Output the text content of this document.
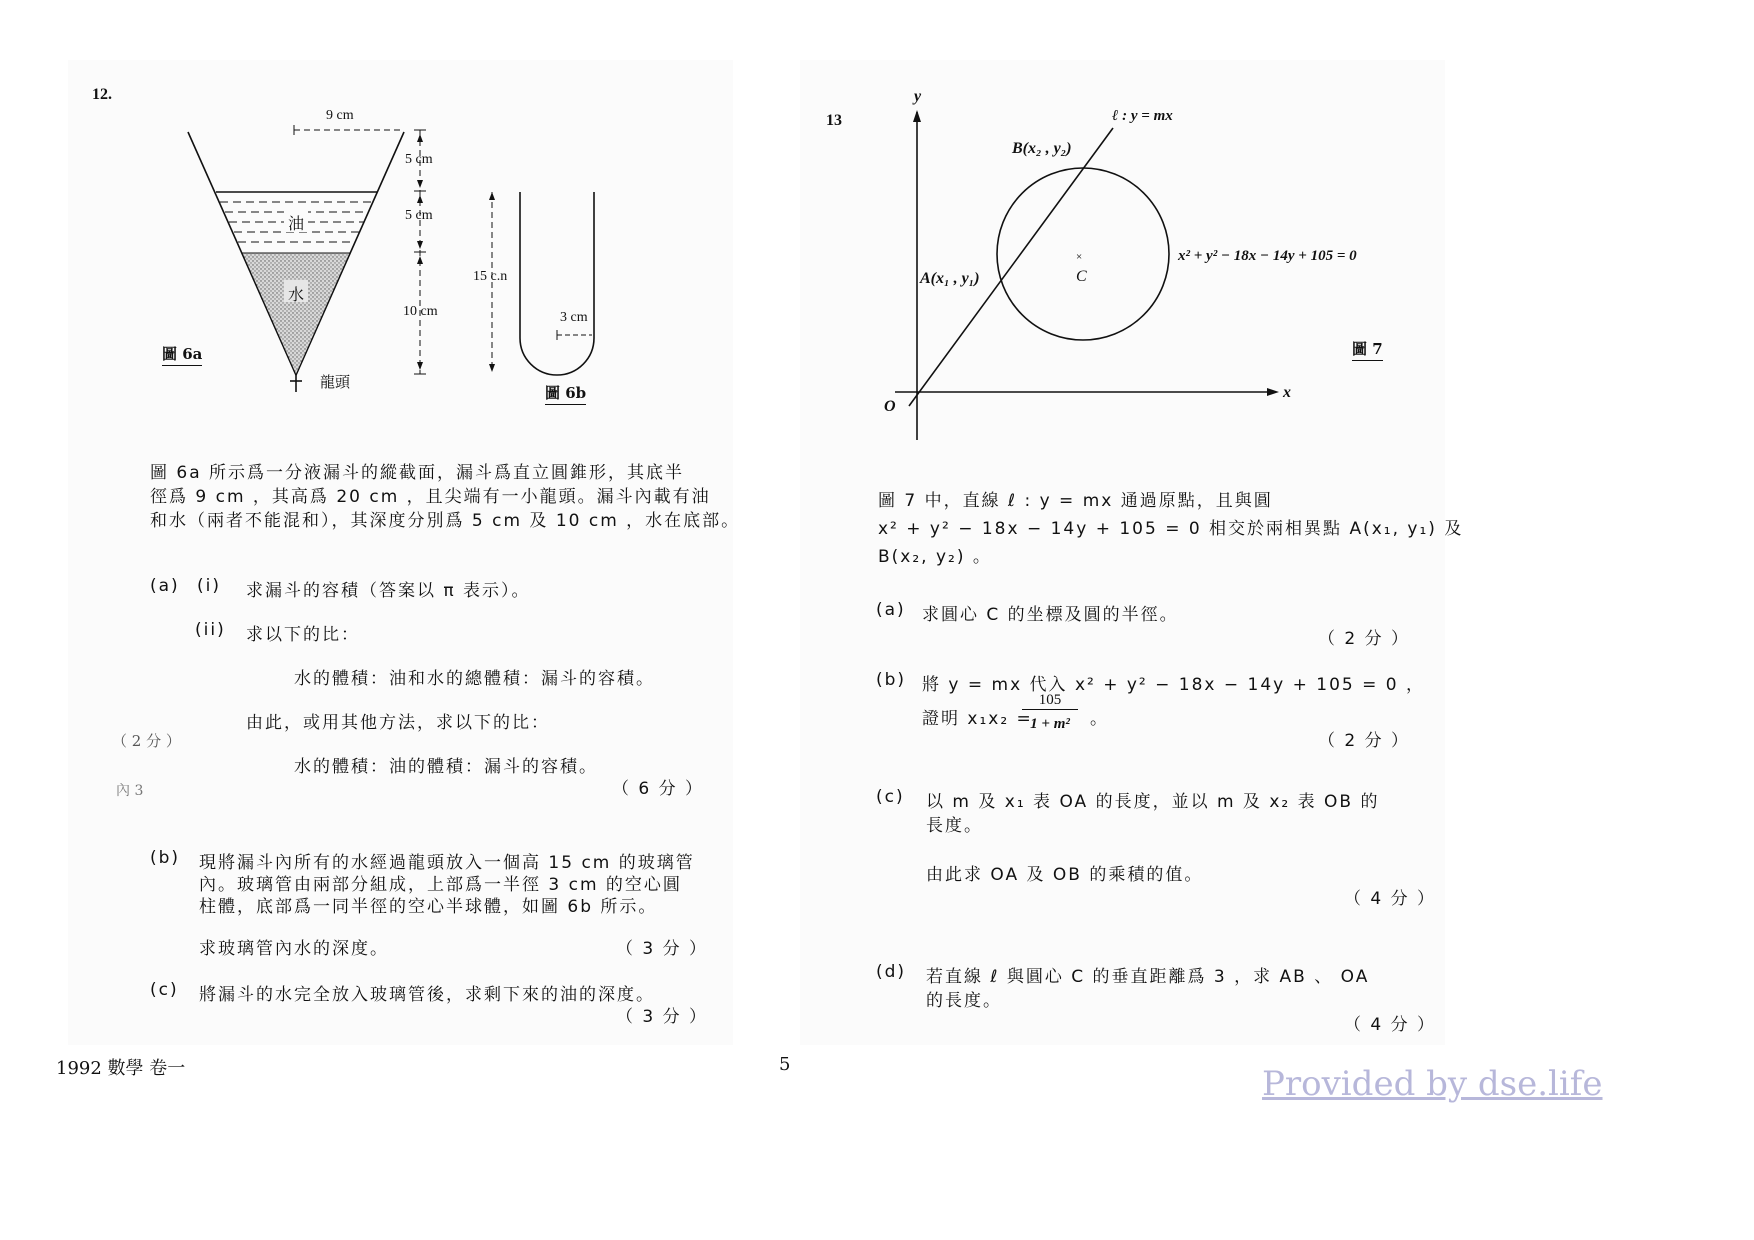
12.
9 cm
5 cm
5 cm
10 cm
油
水
龍頭
圖 6a
15 c.n
3 cm
圖 6b
圖 6a 所示爲一分液漏斗的縱截面，漏斗爲直立圓錐形，其底半
徑爲 9 cm ，其高爲 20 cm ，且尖端有一小龍頭。漏斗內載有油
和水（兩者不能混和），其深度分別爲 5 cm 及 10 cm ，水在底部。
(a) (i) 求漏斗的容積（答案以 π 表示）。
(ii) 求以下的比：
水的體積：油和水的總體積：漏斗的容積。
由此，或用其他方法，求以下的比：
水的體積：油的體積：漏斗的容積。
（ 6 分 ）
（ 2 分 ）
內 3
(b) 現將漏斗內所有的水經過龍頭放入一個高 15 cm 的玻璃管
內。玻璃管由兩部分組成，上部爲一半徑 3 cm 的空心圓
柱體，底部爲一同半徑的空心半球體，如圖 6b 所示。
求玻璃管內水的深度。	（ 3 分 ）
(c) 將漏斗的水完全放入玻璃管後，求剩下來的油的深度。
（ 3 分 ）
13
×
y
x
O
ℓ : y = mx
B(x₂ , y₂)
A(x₁ , y₁)	C
x² + y² − 18x − 14y + 105 = 0
圖 7
圖 7 中，直線 ℓ : y = mx 通過原點，且與圓
x² + y² − 18x − 14y + 105 = 0 相交於兩相異點 A(x₁, y₁) 及
B(x₂, y₂) 。
(a) 求圓心 C 的坐標及圓的半徑。
（ 2 分 ）
(b) 將 y = mx 代入 x² + y² − 18x − 14y + 105 = 0 ，
證明 x₁x₂ =
105
1 + m²	。
（ 2 分 ）
(c) 以 m 及 x₁ 表 OA 的長度，並以 m 及 x₂ 表 OB 的
長度。
由此求 OA 及 OB 的乘積的值。
（ 4 分 ）
(d) 若直線 ℓ 與圓心 C 的垂直距離爲 3 ，求 AB 、 OA
的長度。
（ 4 分 ）
1992 數學 卷一	5	Provided by dse.life
